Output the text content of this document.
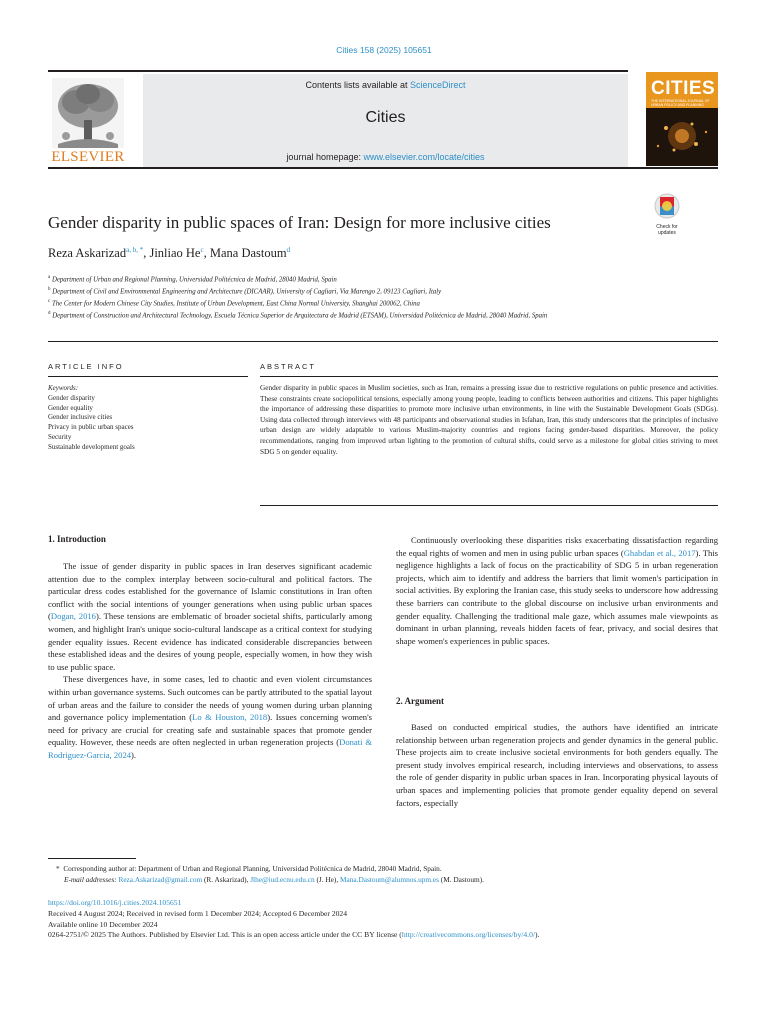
Cities 158 (2025) 105651
ELSEVIER
Contents lists available at ScienceDirect
Cities
journal homepage: www.elsevier.com/locate/cities
CITIES
THE INTERNATIONAL JOURNAL OF URBAN POLICY AND PLANNING
Gender disparity in public spaces of Iran: Design for more inclusive cities	Check for updates
Reza Askarizad$^{a, b, *}$, Jinliao He$^c$, Mana Dastoum$^d$
$^a$ Department of Urban and Regional Planning, Universidad Politécnica de Madrid, 28040 Madrid, Spain
$^b$ Department of Civil and Environmental Engineering and Architecture (DICAAR), University of Cagliari, Via Marengo 2, 09123 Cagliari, Italy
$^c$ The Center for Modern Chinese City Studies, Institute of Urban Development, East China Normal University, Shanghai 200062, China
$^d$ Department of Construction and Architectural Technology, Escuela Técnica Superior de Arquitectura de Madrid (ETSAM), Universidad Politécnica de Madrid, 28040 Madrid, Spain
ARTICLE INFO
Keywords:
Gender disparity
Gender equality
Gender inclusive cities
Privacy in public urban spaces
Security
Sustainable development goals
ABSTRACT
Gender disparity in public spaces in Muslim societies, such as Iran, remains a pressing issue due to restrictive regulations on public presence and activities. These constraints create sociopolitical tensions, especially among young people, leading to conflicts between authorities and citizens. This paper highlights the importance of addressing these disparities to promote more inclusive urban environments, in line with the Sustainable Development Goals (SDGs). Using data collected through interviews with 48 participants and observational studies in Isfahan, Iran, this study underscores that the principles of inclusive urban design are widely adaptable to various Muslim-majority countries and regions facing gender-based disparities. Moreover, the policy recommendations, ranging from improved urban lighting to the promotion of cultural shifts, could serve as a milestone for global cities striving to meet SDG 5 on gender equality.
1. Introduction

The issue of gender disparity in public spaces in Iran deserves significant academic attention due to the complex interplay between socio-cultural and political factors. The particular dress codes established for the governance of Islamic constitutions in Iran often conflict with the social intentions of younger generations when using public urban spaces (Dogan, 2016). These tensions are emblematic of broader societal shifts, particularly among women, and highlight Iran's unique socio-cultural landscape as a critical context for studying gender equality issues. Recent evidence has indicated considerable discrepancies between these established ideas and the desires of young people, especially women, in how they wish to use public space.

These divergences have, in some cases, led to chaotic and even violent circumstances within urban governance systems. Such outcomes can be partly attributed to the spatial layout of urban areas and the failure to consider the needs of young women during urban planning and governance policy implementation (Lo & Houston, 2018). Issues concerning women's need for privacy are crucial for creating safe and sustainable spaces that promote gender equality. However, these needs are often neglected in urban regeneration projects (Donati & Rodriguez-Garcia, 2024).

Continuously overlooking these disparities risks exacerbating dissatisfaction regarding the equal rights of women and men in using public urban spaces (Ghabdan et al., 2017). This negligence highlights a lack of focus on the practicability of SDG 5 in urban regeneration projects, which aim to identify and address the barriers that limit women's participation in social activities. By exploring the Iranian case, this study seeks to underscore how addressing these barriers can contribute to the global discourse on inclusive urban environments and gender equality. Challenging the traditional male gaze, which assumes male viewpoints as dominant in urban planning, reveals hidden facets of fear, privacy, and social desires that shape women's experiences in public spaces.

2. Argument

Based on conducted empirical studies, the authors have identified an intricate relationship between urban regeneration projects and gender dynamics in the general public. These projects aim to create inclusive societal environments for both genders equally. The present study involves empirical research, including interviews and observations, to assess the role of gender disparity in public urban spaces in Iran. Incorporating physical layouts of urban spaces and implementing policies that promote gender equality depend on several factors, especially

* Corresponding author at: Department of Urban and Regional Planning, Universidad Politécnica de Madrid, 28040 Madrid, Spain.
E-mail addresses: Reza.Askarizad@gmail.com (R. Askarizad), Jlhe@iud.ecnu.edu.cn (J. He), Mana.Dastoum@alumnos.upm.es (M. Dastoum).
https://doi.org/10.1016/j.cities.2024.105651
Received 4 August 2024; Received in revised form 1 December 2024; Accepted 6 December 2024
Available online 10 December 2024
0264-2751/© 2025 The Authors. Published by Elsevier Ltd. This is an open access article under the CC BY license (http://creativecommons.org/licenses/by/4.0/).
